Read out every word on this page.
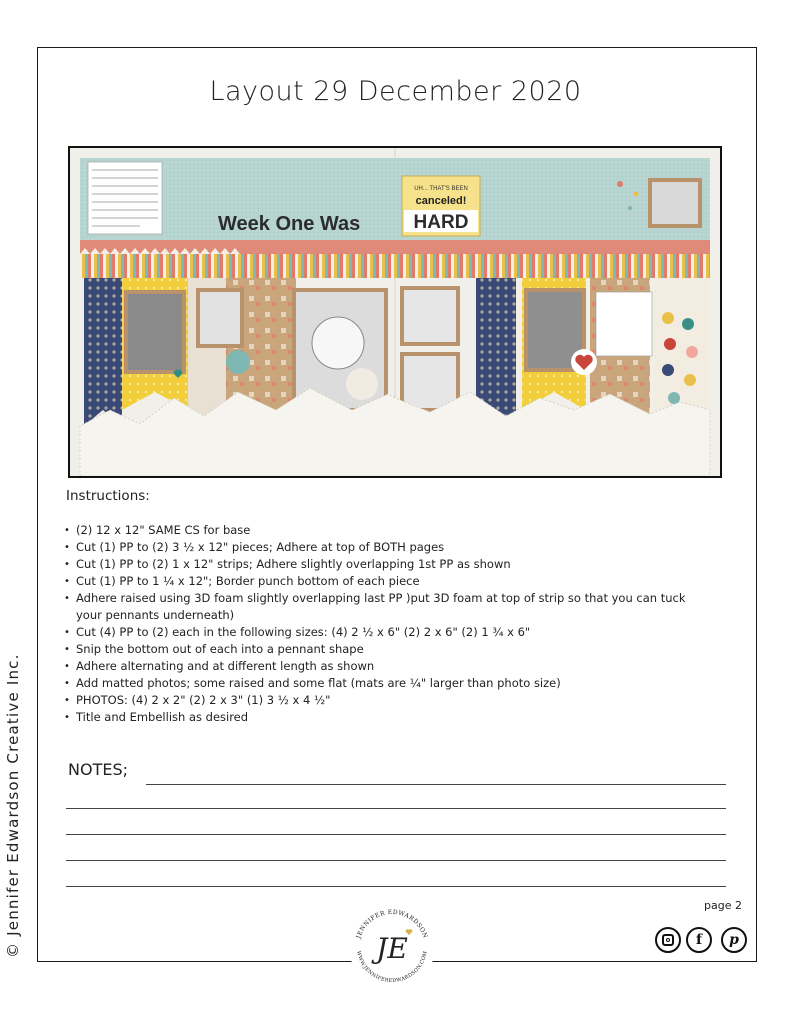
Layout 29 December 2020
Week One Was
UH... THAT'S BEEN
canceled!
HARD
Instructions:
• (2) 12 x 12" SAME CS for base
• Cut (1) PP to (2) 3 ½ x 12" pieces; Adhere at top of BOTH pages
• Cut (1) PP to (2) 1 x 12" strips; Adhere slightly overlapping 1st PP as shown
• Cut (1) PP to 1 ¼ x 12"; Border punch bottom of each piece
• Adhere raised using 3D foam slightly overlapping last PP )put 3D foam at top of strip so that you can tuck your pennants underneath)
• Cut (4) PP to (2) each in the following sizes: (4) 2 ½ x 6" (2) 2 x 6" (2) 1 ¾ x 6"
• Snip the bottom out of each into a pennant shape
• Adhere alternating and at different length as shown
• Add matted photos; some raised and some flat (mats are ¼" larger than photo size)
• PHOTOS: (4) 2 x 2" (2) 2 x 3" (1) 3 ½ x 4 ½"
• Title and Embellish as desired
NOTES;
© Jennifer Edwardson Creative Inc.	JENNIFER EDWARDSON
WWW.JENNIFEREDWARDSON.COM
JE
page 2
f p
